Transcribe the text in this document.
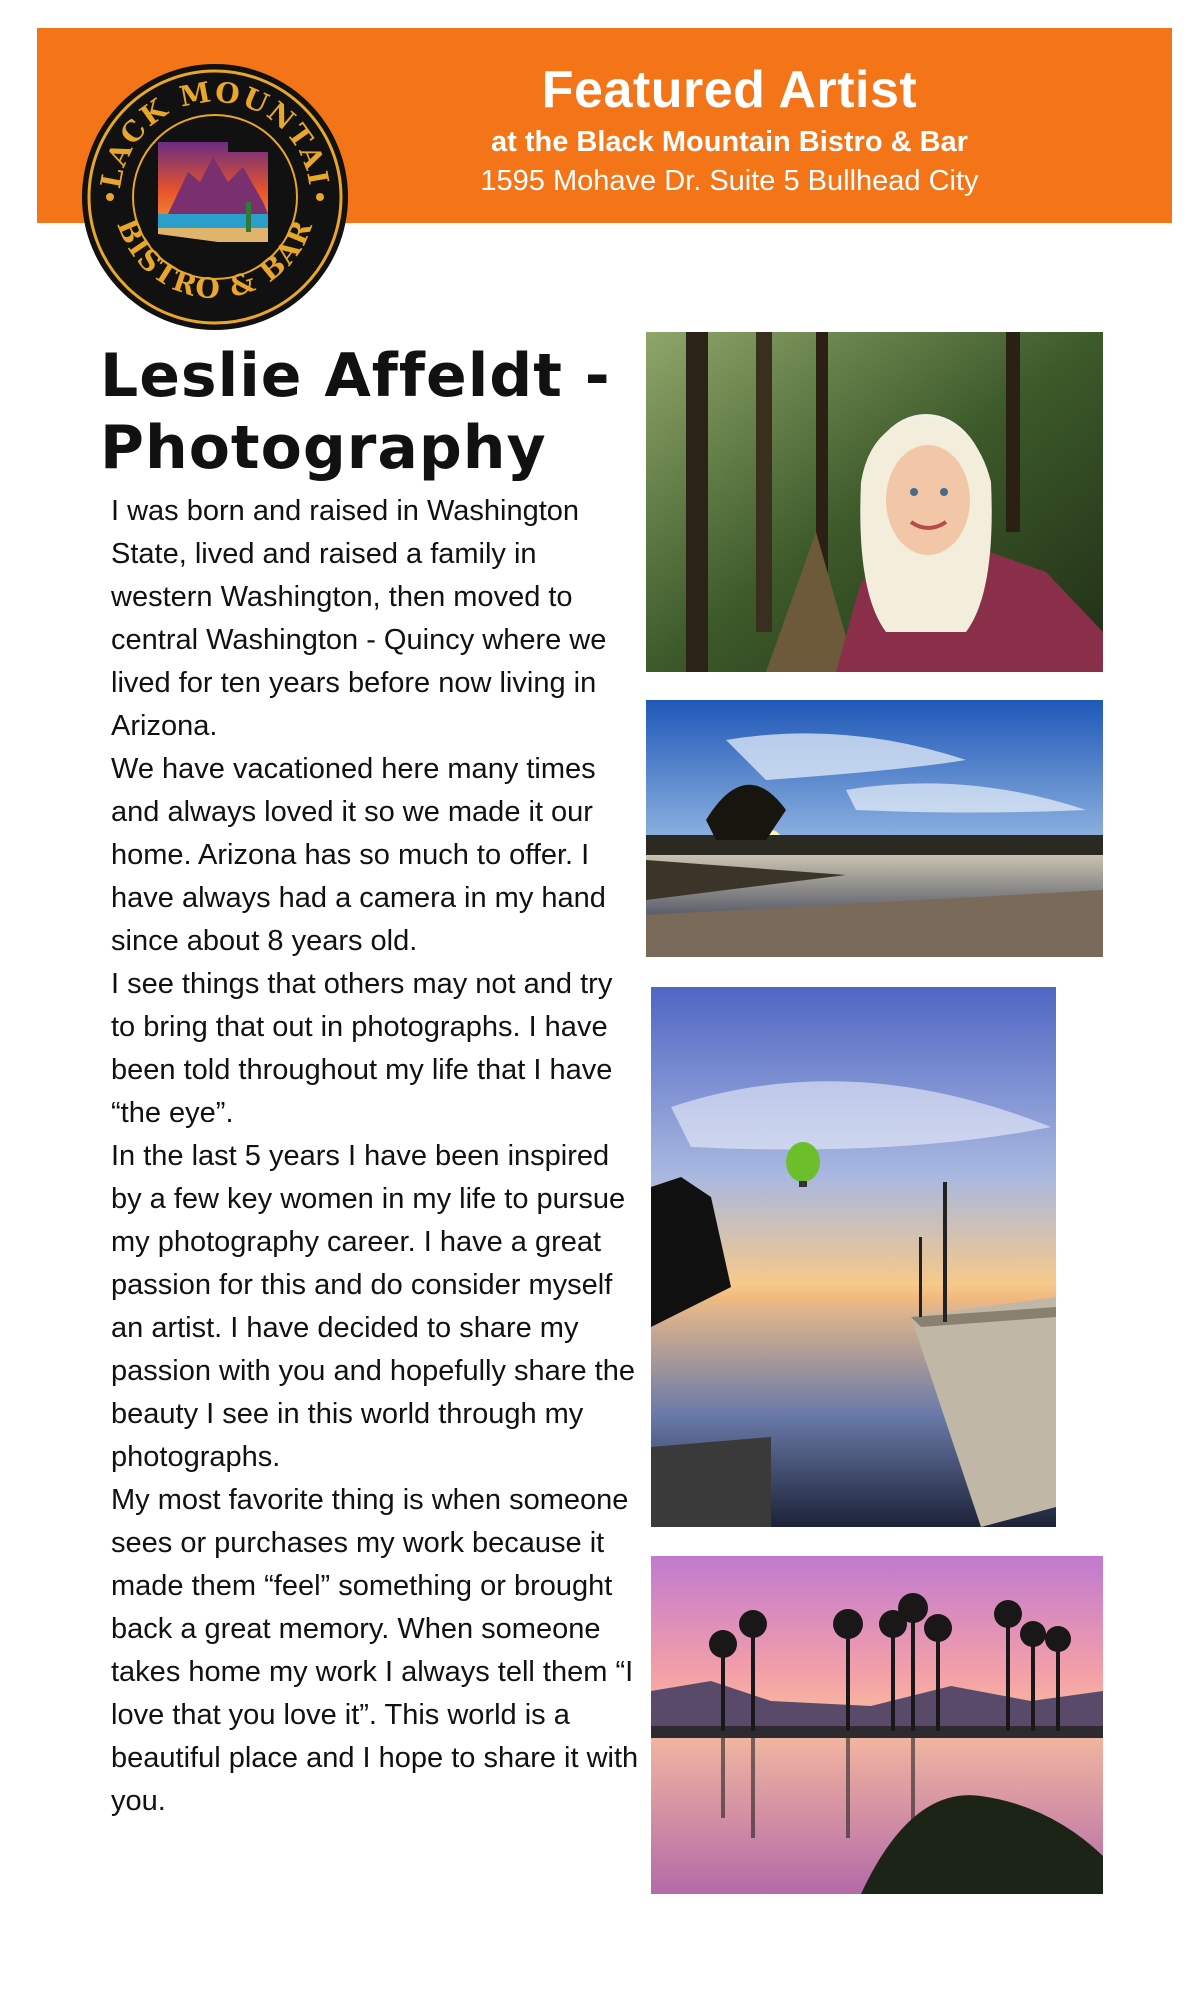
Featured Artist
at the Black Mountain Bistro & Bar
1595 Mohave Dr. Suite 5 Bullhead City
LACK MOUNTAI
BISTRO & BAR
Leslie Affeldt -
Photography

I was born and raised in Washington State, lived and raised a family in western Washington, then moved to central Washington - Quincy where we lived for ten years before now living in Arizona.

We have vacationed here many times and always loved it so we made it our home. Arizona has so much to offer. I have always had a camera in my hand since about 8 years old.

I see things that others may not and try to bring that out in photographs. I have been told throughout my life that I have “the eye”.

In the last 5 years I have been inspired by a few key women in my life to pursue my photography career. I have a great passion for this and do consider myself an artist. I have decided to share my passion with you and hopefully share the beauty I see in this world through my photographs.

My most favorite thing is when someone sees or purchases my work because it made them “feel” something or brought back a great memory. When someone takes home my work I always tell them “I love that you love it”. This world is a beautiful place and I hope to share it with you.
